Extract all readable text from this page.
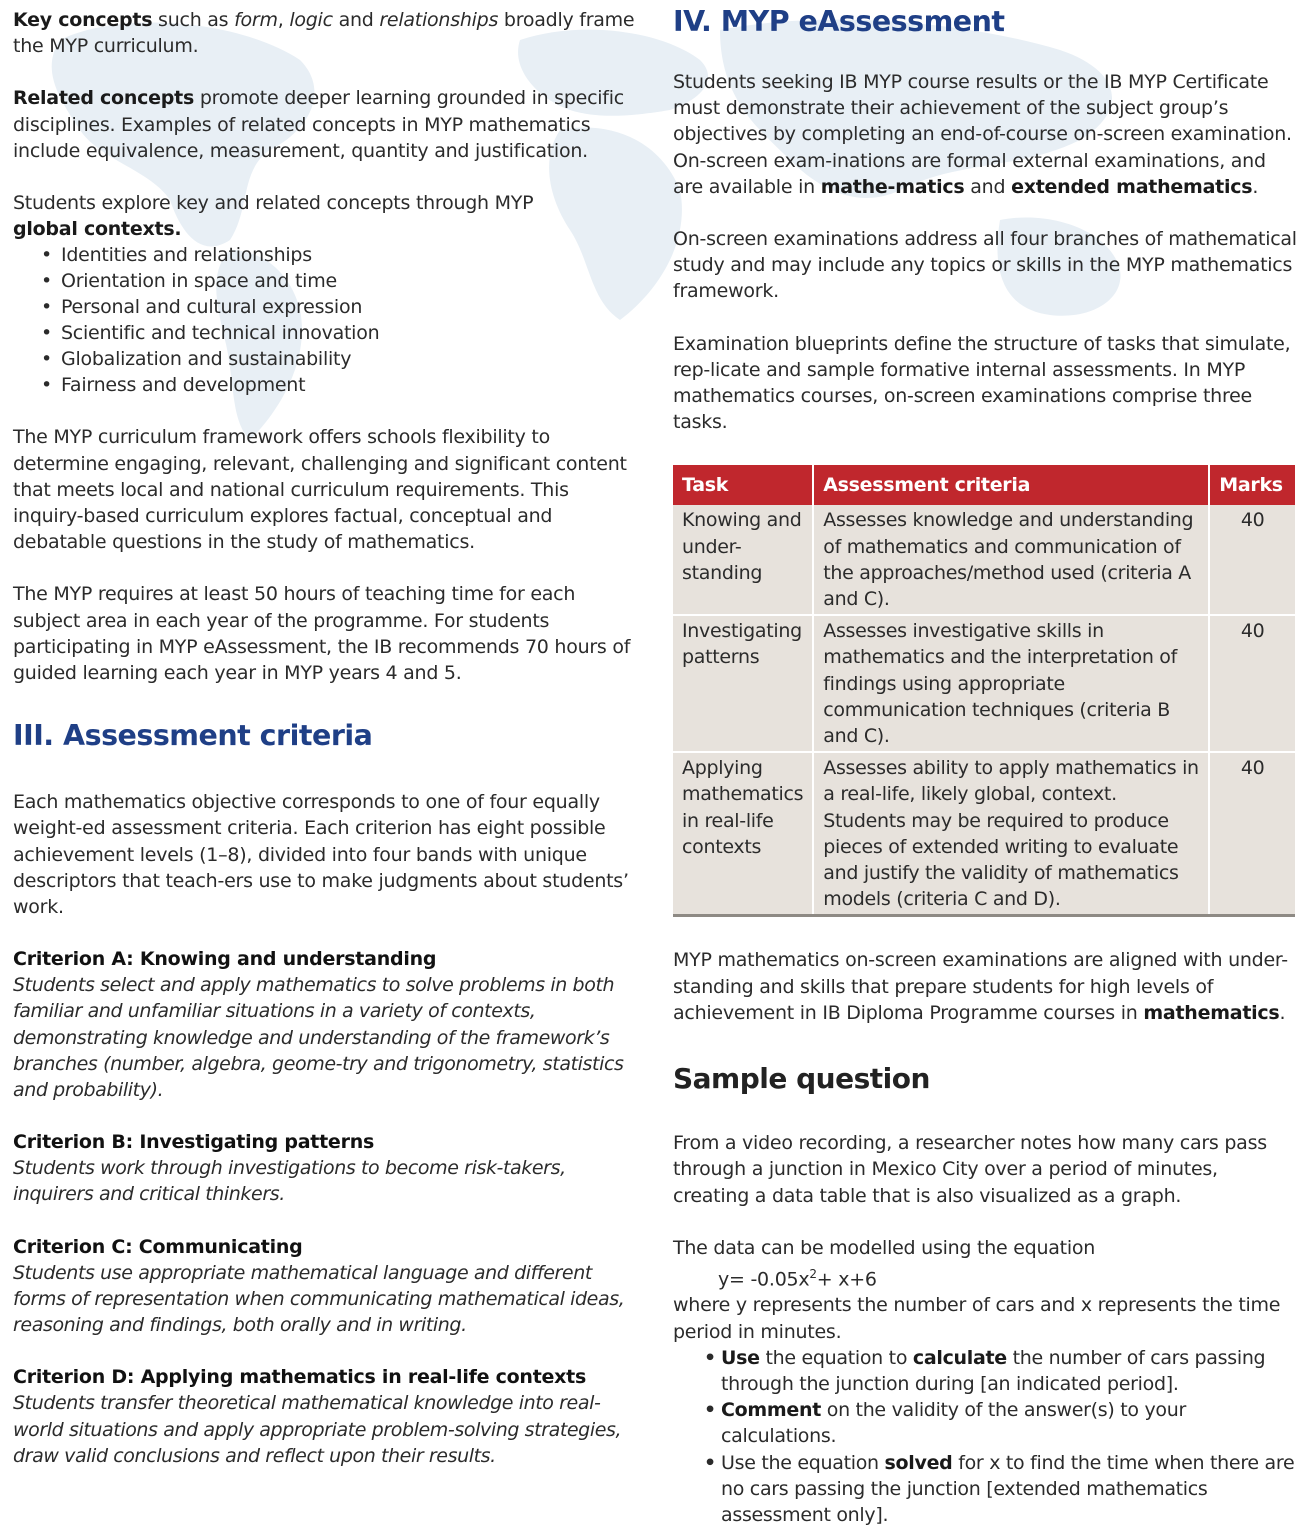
Key concepts such as form, logic and relationships broadly frame the MYP curriculum.

Related concepts promote deeper learning grounded in specific disciplines. Examples of related concepts in MYP mathematics include equivalence, measurement, quantity and justification.

Students explore key and related concepts through MYP global contexts.

• Identities and relationships
• Orientation in space and time
• Personal and cultural expression
• Scientific and technical innovation
• Globalization and sustainability
• Fairness and development

The MYP curriculum framework offers schools flexibility to determine engaging, relevant, challenging and significant content that meets local and national curriculum requirements. This inquiry-based curriculum explores factual, conceptual and debatable questions in the study of mathematics.

The MYP requires at least 50 hours of teaching time for each subject area in each year of the programme. For students participating in MYP eAssessment, the IB recommends 70 hours of guided learning each year in MYP years 4 and 5.

III. Assessment criteria

Each mathematics objective corresponds to one of four equally weight-ed assessment criteria. Each criterion has eight possible achievement levels (1–8), divided into four bands with unique descriptors that teach-ers use to make judgments about students’ work.

Criterion A: Knowing and understanding

Students select and apply mathematics to solve problems in both familiar and unfamiliar situations in a variety of contexts, demonstrating knowledge and understanding of the framework’s branches (number, algebra, geome-try and trigonometry, statistics and probability).

Criterion B: Investigating patterns

Students work through investigations to become risk-takers, inquirers and critical thinkers.

Criterion C: Communicating

Students use appropriate mathematical language and different forms of representation when communicating mathematical ideas, reasoning and findings, both orally and in writing.

Criterion D: Applying mathematics in real-life contexts

Students transfer theoretical mathematical knowledge into real-world situations and apply appropriate problem-solving strategies, draw valid conclusions and reflect upon their results.

IV. MYP eAssessment

Students seeking IB MYP course results or the IB MYP Certificate must demonstrate their achievement of the subject group’s objectives by completing an end-of-course on-screen examination. On-screen exam-inations are formal external examinations, and are available in mathe-matics and extended mathematics.

On-screen examinations address all four branches of mathematical study and may include any topics or skills in the MYP mathematics framework.

Examination blueprints define the structure of tasks that simulate, rep-licate and sample formative internal assessments. In MYP mathematics courses, on-screen examinations comprise three tasks.

Task	Assessment criteria	Marks
Knowing and under-standing	Assesses knowledge and understanding of mathematics and communication of the approaches/method used (criteria A and C).	40
Investigating patterns	Assesses investigative skills in mathematics and the interpretation of findings using appropriate communication techniques (criteria B and C).	40
Applying mathematics in real-life contexts	Assesses ability to apply mathematics in a real-life, likely global, context. Students may be required to produce pieces of extended writing to evaluate and justify the validity of mathematics models (criteria C and D).	40

MYP mathematics on-screen examinations are aligned with under-standing and skills that prepare students for high levels of achievement in IB Diploma Programme courses in mathematics.

Sample question

From a video recording, a researcher notes how many cars pass through a junction in Mexico City over a period of minutes, creating a data table that is also visualized as a graph.

The data can be modelled using the equation

$y= -0.05x^2+ x+6$

where y represents the number of cars and x represents the time period in minutes.

• Use the equation to calculate the number of cars passing through the junction during [an indicated period].
• Comment on the validity of the answer(s) to your calculations.
• Use the equation solved for x to find the time when there are no cars passing the junction [extended mathematics assessment only].
